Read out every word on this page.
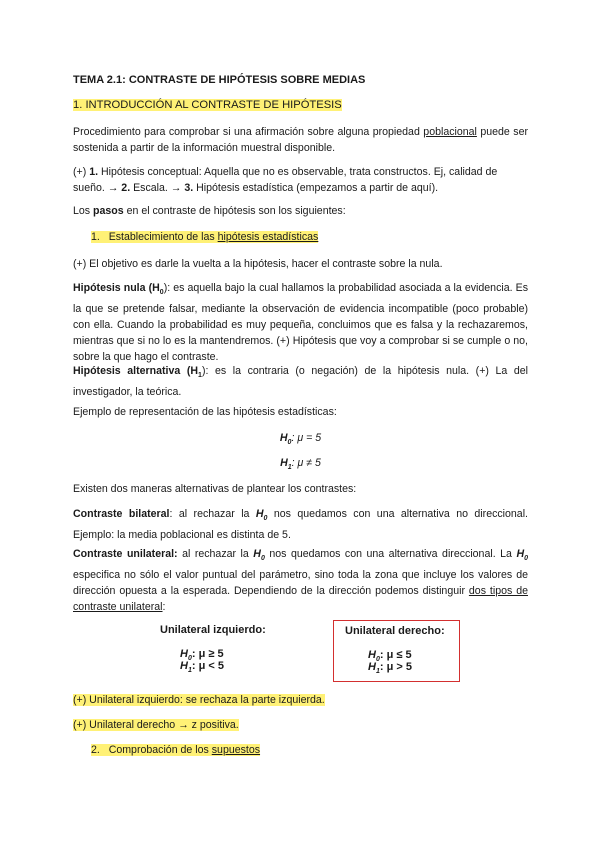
TEMA 2.1: CONTRASTE DE HIPÓTESIS SOBRE MEDIAS

1. INTRODUCCIÓN AL CONTRASTE DE HIPÓTESIS

Procedimiento para comprobar si una afirmación sobre alguna propiedad poblacional puede ser sostenida a partir de la información muestral disponible.

(+) 1. Hipótesis conceptual: Aquella que no es observable, trata constructos. Ej, calidad de sueño. → 2. Escala. → 3. Hipótesis estadística (empezamos a partir de aquí).

Los pasos en el contraste de hipótesis son los siguientes:

1. Establecimiento de las hipótesis estadísticas

(+) El objetivo es darle la vuelta a la hipótesis, hacer el contraste sobre la nula.

Hipótesis nula $(H_0)$: es aquella bajo la cual hallamos la probabilidad asociada a la evidencia. Es la que se pretende falsar, mediante la observación de evidencia incompatible (poco probable) con ella. Cuando la probabilidad es muy pequeña, concluimos que es falsa y la rechazaremos, mientras que si no lo es la mantendremos. (+) Hipótesis que voy a comprobar si se cumple o no, sobre la que hago el contraste.

Hipótesis alternativa $(H_1)$: es la contraria (o negación) de la hipótesis nula. (+) La del investigador, la teórica.

Ejemplo de representación de las hipótesis estadísticas:

$H_0$: μ = 5

$H_1$: μ ≠ 5

Existen dos maneras alternativas de plantear los contrastes:

Contraste bilateral: al rechazar la $H_0$ nos quedamos con una alternativa no direccional. Ejemplo: la media poblacional es distinta de 5.

Contraste unilateral: al rechazar la $H_0$ nos quedamos con una alternativa direccional. La $H_0$ especifica no sólo el valor puntual del parámetro, sino toda la zona que incluye los valores de dirección opuesta a la esperada. Dependiendo de la dirección podemos distinguir dos tipos de contraste unilateral:

Unilateral izquierdo:
$H_0$: μ ≥ 5
$H_1$: μ < 5
Unilateral derecho:
$H_0$: μ ≤ 5
$H_1$: μ > 5

(+) Unilateral izquierdo: se rechaza la parte izquierda.

(+) Unilateral derecho → z positiva.

2. Comprobación de los supuestos
